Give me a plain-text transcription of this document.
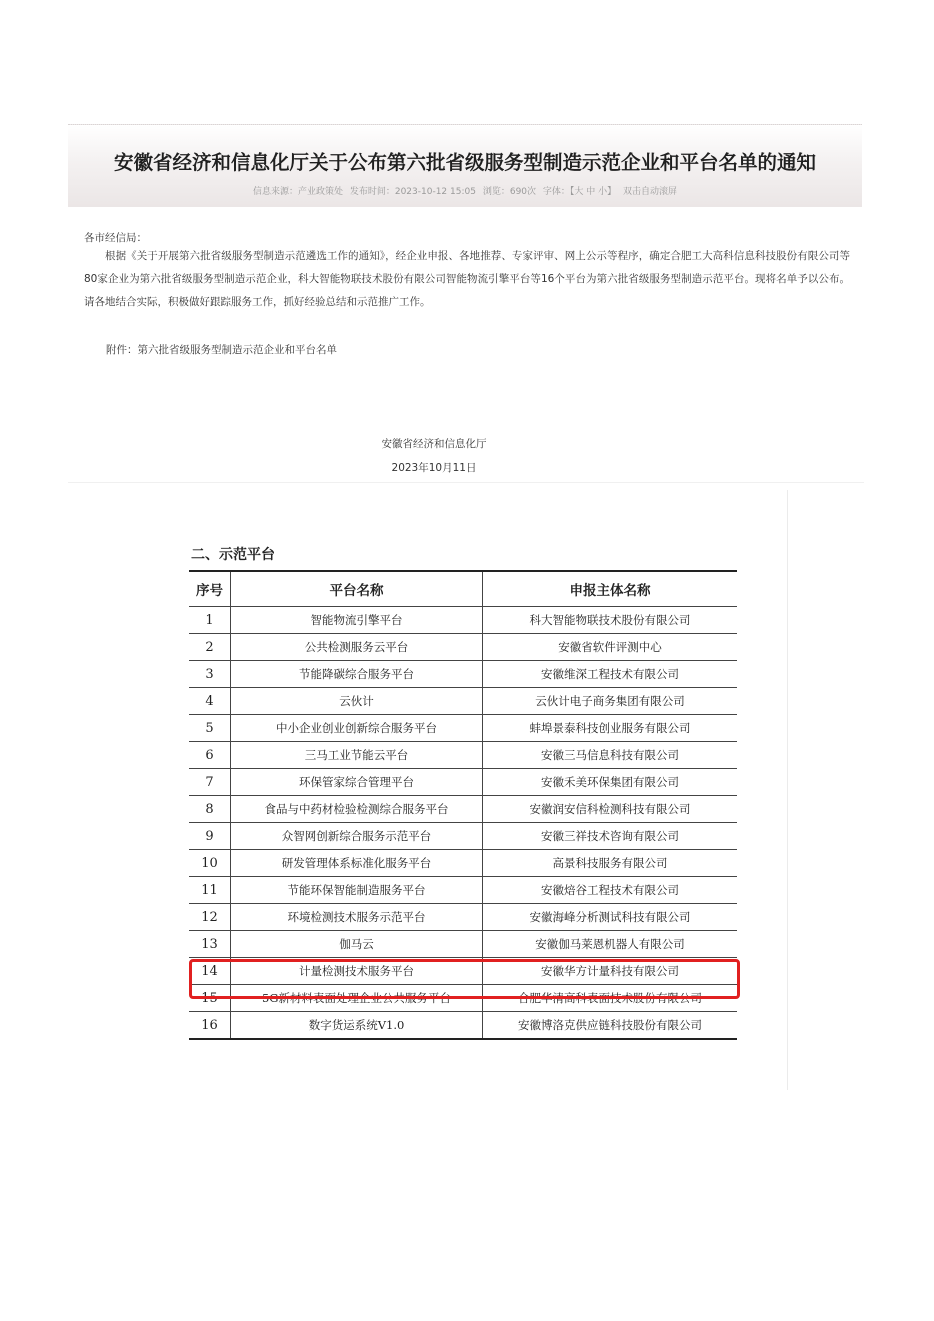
安徽省经济和信息化厅关于公布第六批省级服务型制造示范企业和平台名单的通知
信息来源：产业政策处 发布时间：2023-10-12 15:05 浏览：690次 字体：【大 中 小】 双击自动滚屏
各市经信局：
根据《关于开展第六批省级服务型制造示范遴选工作的通知》，经企业申报、各地推荐、专家评审、网上公示等程序，确定合肥工大高科信息科技股份有限公司等80家企业为第六批省级服务型制造示范企业，科大智能物联技术股份有限公司智能物流引擎平台等16个平台为第六批省级服务型制造示范平台。现将名单予以公布。请各地结合实际，积极做好跟踪服务工作，抓好经验总结和示范推广工作。
附件：第六批省级服务型制造示范企业和平台名单
安徽省经济和信息化厅
2023年10月11日
二、示范平台
序号	平台名称	申报主体名称
1	智能物流引擎平台	科大智能物联技术股份有限公司
2	公共检测服务云平台	安徽省软件评测中心
3	节能降碳综合服务平台	安徽维深工程技术有限公司
4	云伙计	云伙计电子商务集团有限公司
5	中小企业创业创新综合服务平台	蚌埠景泰科技创业服务有限公司
6	三马工业节能云平台	安徽三马信息科技有限公司
7	环保管家综合管理平台	安徽禾美环保集团有限公司
8	食品与中药材检验检测综合服务平台	安徽润安信科检测科技有限公司
9	众智网创新综合服务示范平台	安徽三祥技术咨询有限公司
10	研发管理体系标准化服务平台	高景科技服务有限公司
11	节能环保智能制造服务平台	安徽焙谷工程技术有限公司
12	环境检测技术服务示范平台	安徽海峰分析测试科技有限公司
13	伽马云	安徽伽马莱恩机器人有限公司
14	计量检测技术服务平台	安徽华方计量科技有限公司
15	5G新材料表面处理企业公共服务平台	合肥华清高科表面技术股份有限公司
16	数字货运系统V1.0	安徽博洛克供应链科技股份有限公司
